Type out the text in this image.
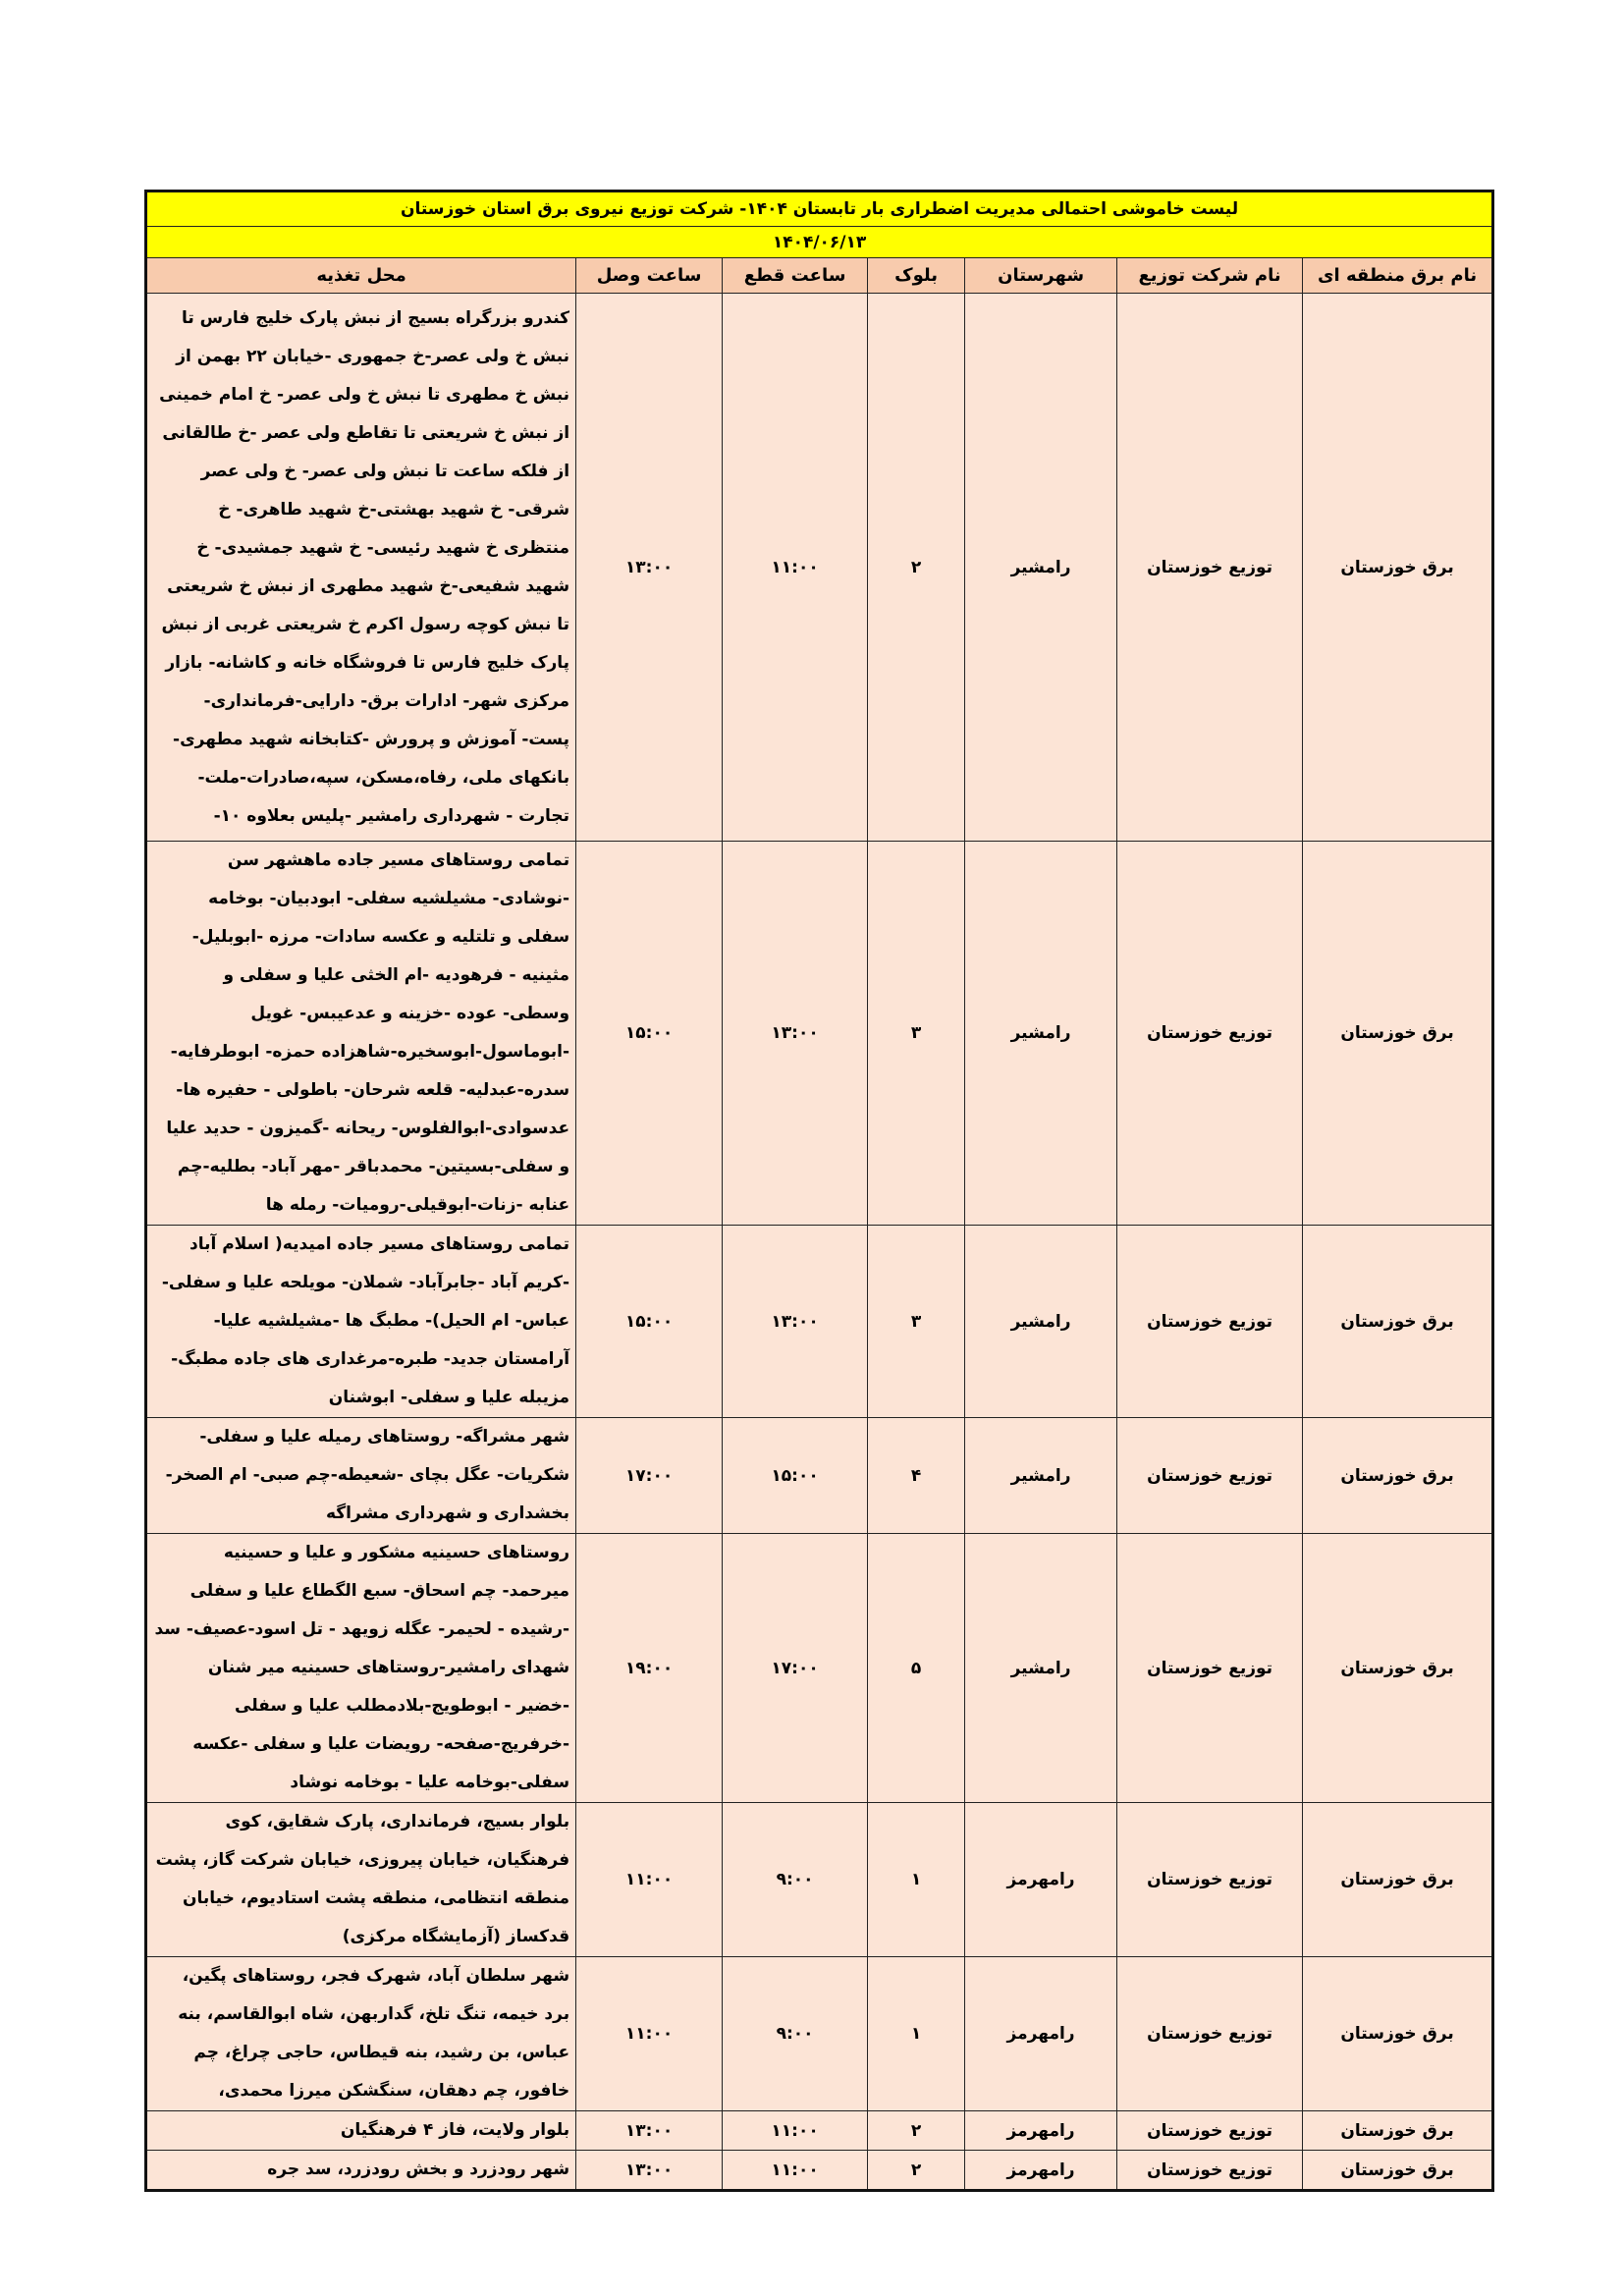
لیست خاموشی احتمالی مدیریت اضطراری بار تابستان ۱۴۰۴- شرکت توزیع نیروی برق استان خوزستان						
۱۴۰۴/۰۶/۱۳						
نام برق منطقه ای	نام شرکت توزیع	شهرستان	بلوک	ساعت قطع	ساعت وصل	محل تغذیه
برق خوزستان	توزیع خوزستان	رامشیر	۲	۱۱:۰۰	۱۳:۰۰	کندرو بزرگراه بسیج از نبش پارک خلیج فارس تا نبش خ ولی عصر-خ جمهوری -خیابان ۲۲ بهمن از نبش خ مطهری تا نبش خ ولی عصر- خ امام خمینی از نبش خ شریعتی تا تقاطع ولی عصر -خ طالقانی از فلکه ساعت تا نبش ولی عصر- خ ولی عصر شرقی- خ شهید بهشتی-خ شهید طاهری- خ منتظری خ شهید رئیسی- خ شهید جمشیدی- خ شهید شفیعی-خ شهید مطهری از نبش خ شریعتی تا نبش کوچه رسول اکرم خ شریعتی غربی از نبش پارک خلیج فارس تا فروشگاه خانه و کاشانه- بازار مرکزی شهر- ادارات برق- دارایی-فرمانداری- پست- آموزش و پرورش -کتابخانه شهید مطهری- بانکهای ملی، رفاه،مسکن، سپه،صادرات-ملت- تجارت - شهرداری رامشیر -پلیس بعلاوه ۱۰-
برق خوزستان	توزیع خوزستان	رامشیر	۳	۱۳:۰۰	۱۵:۰۰	تمامی روستاهای مسیر جاده ماهشهر سن -نوشادی- مشیلشیه سفلی- ابودبیان- بوخامه سفلی و تلتلیه و عکسه سادات- مرزه -ابوبلیل- مثینیه - فرهودیه -ام الخثی علیا و سفلی و وسطی- عوده -خزینه و عدعیبس- غویل -ابوماسول-ابوسخیره-شاهزاده حمزه- ابوطرفایه-سدره-عبدلیه- قلعه شرحان- باطولی - حفیره ها-عدسوادی-ابوالفلوس- ریحانه -گمیزون - حدید علیا و سفلی-بسیتین- محمدباقر -مهر آباد- بطلیه-چم عنابه -زنات-ابوقیلی-رومیات- رمله ها
برق خوزستان	توزیع خوزستان	رامشیر	۳	۱۳:۰۰	۱۵:۰۰	تمامی روستاهای مسیر جاده امیدیه( اسلام آباد -کریم آباد -جابرآباد- شملان- مویلحه علیا و سفلی- عباس- ام الحیل)- مطبگ ها -مشیلشیه علیا-آرامستان جدید- طبره-مرغداری های جاده مطبگ-مزیبله علیا و سفلی- ابوشنان
برق خوزستان	توزیع خوزستان	رامشیر	۴	۱۵:۰۰	۱۷:۰۰	شهر مشراگه- روستاهای رمیله علیا و سفلی-شکریات- عگل بچای -شعیطه-چم صبی- ام الصخر- بخشداری و شهرداری مشراگه
برق خوزستان	توزیع خوزستان	رامشیر	۵	۱۷:۰۰	۱۹:۰۰	روستاهای حسینیه مشکور و علیا و حسینیه میرحمد- چم اسحاق- سبع الگطاع علیا و سفلی -رشیده - لحیمر- عگله زویهد - تل اسود-عصیف- سد شهدای رامشیر-روستاهای حسینیه میر شنان -خضیر - ابوطویج-بلادمطلب علیا و سفلی -خرفریج-صفحه- رویضات علیا و سفلی -عکسه سفلی-بوخامه علیا - بوخامه نوشاد
برق خوزستان	توزیع خوزستان	رامهرمز	۱	۹:۰۰	۱۱:۰۰	بلوار بسیج، فرمانداری، پارک شقایق، کوی فرهنگیان، خیابان پیروزی، خیابان شرکت گاز، پشت منطقه انتظامی، منطقه پشت استادیوم، خیابان قدکساز (آزمایشگاه مرکزی)
برق خوزستان	توزیع خوزستان	رامهرمز	۱	۹:۰۰	۱۱:۰۰	شهر سلطان آباد، شهرک فجر، روستاهای پگین، برد خیمه، تنگ تلخ، گداربهن، شاه ابوالقاسم، بنه عباس، بن رشید، بنه قیطاس، حاجی چراغ، چم خافور، چم دهقان، سنگشکن میرزا محمدی،
برق خوزستان	توزیع خوزستان	رامهرمز	۲	۱۱:۰۰	۱۳:۰۰	بلوار ولایت، فاز ۴ فرهنگیان
برق خوزستان	توزیع خوزستان	رامهرمز	۲	۱۱:۰۰	۱۳:۰۰	شهر رودزرد و بخش رودزرد، سد جره
